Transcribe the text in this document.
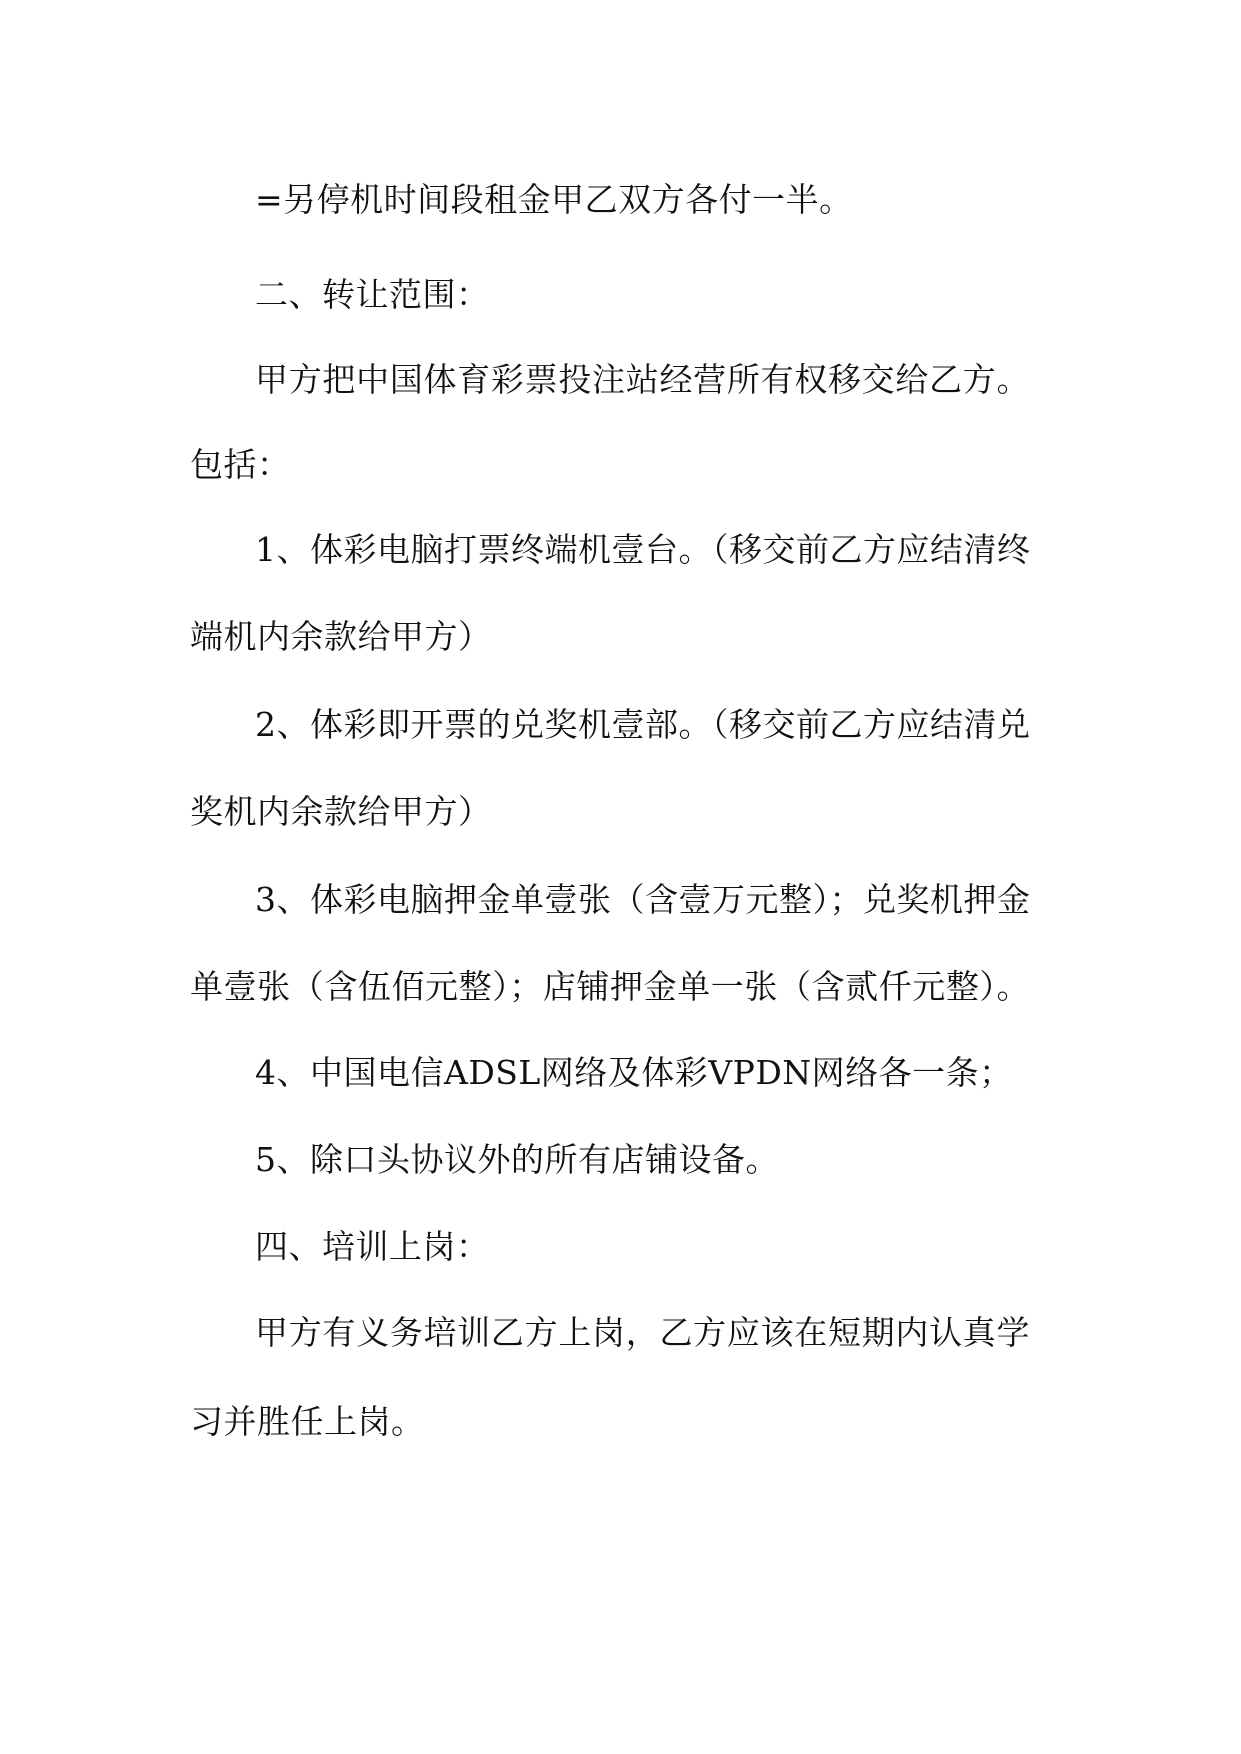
=另停机时间段租金甲乙双方各付一半。
二、转让范围：
甲方把中国体育彩票投注站经营所有权移交给乙方。
包括：
1、体彩电脑打票终端机壹台。（移交前乙方应结清终
端机内余款给甲方）
2、体彩即开票的兑奖机壹部。（移交前乙方应结清兑
奖机内余款给甲方）
3、体彩电脑押金单壹张（含壹万元整）；兑奖机押金
单壹张（含伍佰元整）；店铺押金单一张（含贰仟元整）。
4、中国电信ADSL网络及体彩VPDN网络各一条；
5、除口头协议外的所有店铺设备。
四、培训上岗：
甲方有义务培训乙方上岗，乙方应该在短期内认真学
习并胜任上岗。
